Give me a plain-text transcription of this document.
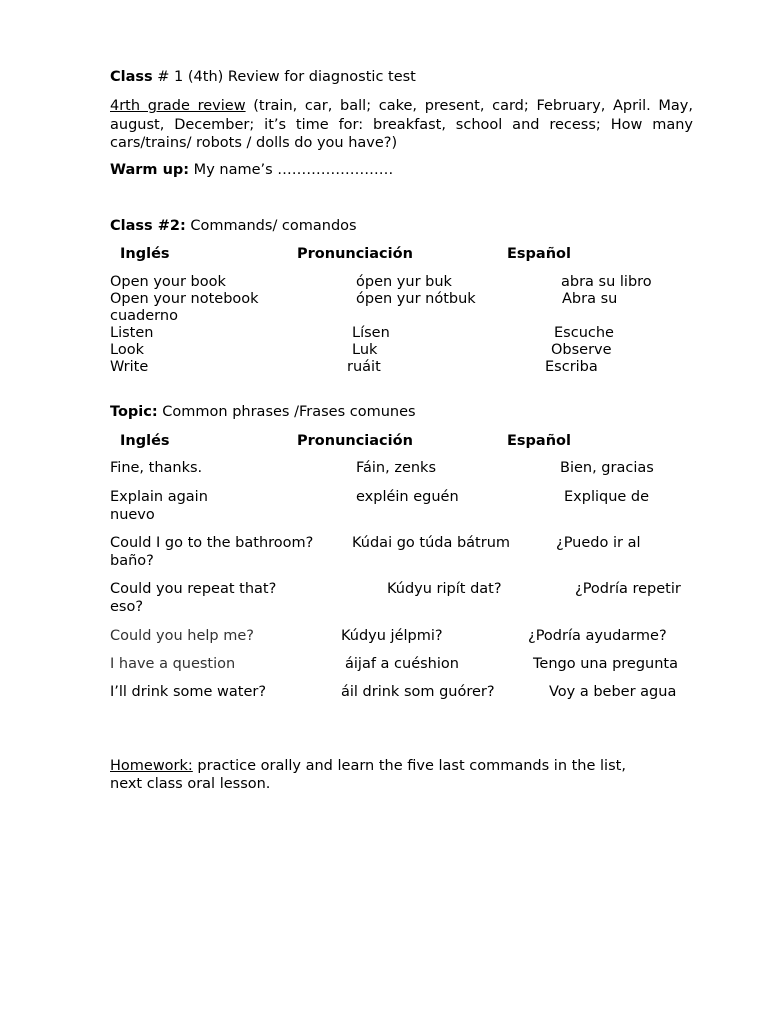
Class # 1 (4th) Review for diagnostic test
4rth grade review (train, car, ball; cake, present, card; February, April. May, august, December; it’s time for: breakfast, school and recess; How many cars/trains/ robots / dolls do you have?)
Warm up: My name’s ……………………
Class #2: Commands/ comandos
Inglés	Pronunciación	Español
Open your book	ópen yur buk	abra su libro
Open your notebook	ópen yur nótbuk	Abra su
cuaderno
Listen	Lísen	Escuche
Look	Luk	Observe
Write	ruáit	Escriba
Topic: Common phrases /Frases comunes
Inglés	Pronunciación	Español
Fine, thanks.	Fáin, zenks	Bien, gracias
Explain again	expléin eguén	Explique de
nuevo
Could I go to the bathroom?	Kúdai go túda bátrum	¿Puedo ir al
baño?
Could you repeat that?	Kúdyu ripít dat?	¿Podría repetir
eso?
Could you help me?	Kúdyu jélpmi?	¿Podría ayudarme?
I have a question	áijaf a cuéshion	Tengo una pregunta
I’ll drink some water?	áil drink som guórer?	Voy a beber agua
Homework: practice orally and learn the five last commands in the list,
next class oral lesson.
